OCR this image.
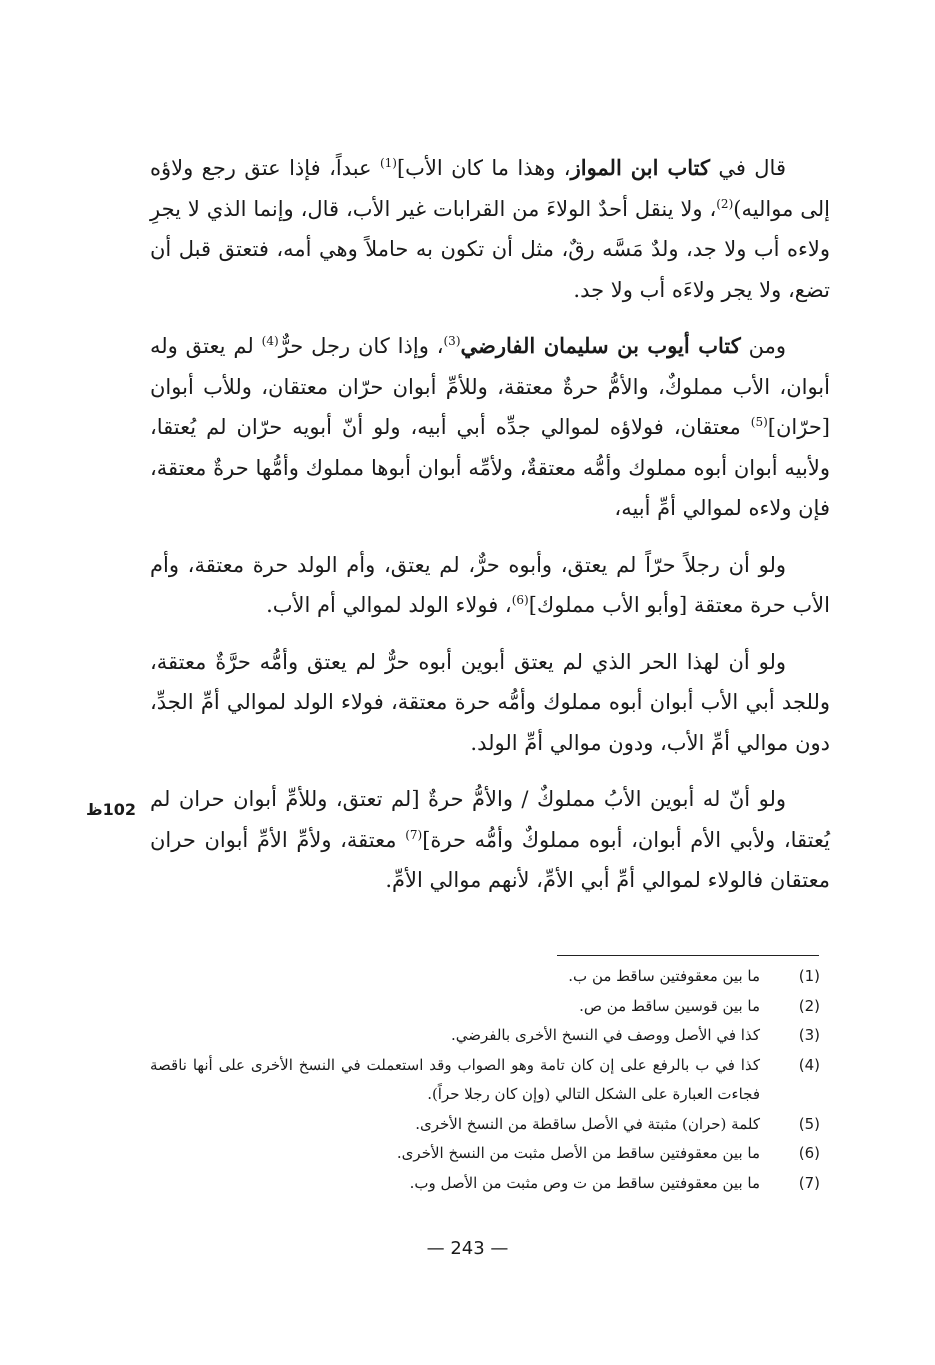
قال في كتاب ابن المواز، وهذا ما كان الأب]$^{(1)}$ عبداً، فإذا عتق رجع ولاؤه إلى مواليه)$^{(2)}$، ولا ينقل أحدٌ الولاءَ من القرابات غير الأب، قال، وإنما الذي لا يجرِ ولاءه أب ولا جد، ولدٌ مَسَّه رقٌ، مثل أن تكون به حاملاً وهي أمه، فتعتق قبل أن تضع، ولا يجر ولاءَه أب ولا جد.

ومن كتاب أيوب بن سليمان الفارضي$^{(3)}$، وإذا كان رجل حرٌّ$^{(4)}$ لم يعتق وله أبوان، الأب مملوكٌ، والأمُّ حرةٌ معتقة، وللأمِّ أبوان حرّان معتقان، وللأب أبوان [حرّان]$^{(5)}$ معتقان، فولاؤه لموالي جدِّه أبي أبيه، ولو أنّ أبويه حرّان لم يُعتقا، ولأبيه أبوان أبوه مملوك وأمُّه معتقةٌ، ولأمِّه أبوان أبوها مملوك وأمُّها حرةٌ معتقة، فإن ولاءه لموالي أمِّ أبيه،

ولو أن رجلاً حرّاً لم يعتق، وأبوه حرٌّ، لم يعتق، وأم الولد حرة معتقة، وأم الأب حرة معتقة [وأبو الأب مملوك]$^{(6)}$، فولاء الولد لموالي أم الأب.

ولو أن لهذا الحر الذي لم يعتق أبوين أبوه حرٌّ لم يعتق وأمُّه حرَّةٌ معتقة، وللجد أبي الأب أبوان أبوه مملوك وأمُّه حرة معتقة، فولاء الولد لموالي أمِّ الجدِّ، دون موالي أمِّ الأب، ودون موالي أمِّ الولد.

ولو أنّ له أبوين الأبُ مملوكٌ / والأمُّ حرةٌ [لم تعتق، وللأمِّ أبوان حران لم يُعتقا، ولأبي الأم أبوان، أبوه مملوكٌ وأمُّه حرة]$^{(7)}$ معتقة، ولأمِّ الأمِّ أبوان حران معتقان فالولاء لموالي أمِّ أبي الأمِّ، لأنهم موالي الأمِّ.

102ظ
(1)
ما بين معقوفتين ساقط من ب.
(2)
ما بين قوسين ساقط من ص.
(3)
كذا في الأصل ووصف في النسخ الأخرى بالفرضي.
(4)
كذا في ب بالرفع على إن كان تامة وهو الصواب وقد استعملت في النسخ الأخرى على أنها ناقصة فجاءت العبارة على الشكل التالي (وإن كان رجلا حراً).
(5)
كلمة (حران) مثبتة في الأصل ساقطة من النسخ الأخرى.
(6)
ما بين معقوفتين ساقط من الأصل مثبت من النسخ الأخرى.
(7)
ما بين معقوفتين ساقط من ت وص مثبت من الأصل وب.
— 243 —
